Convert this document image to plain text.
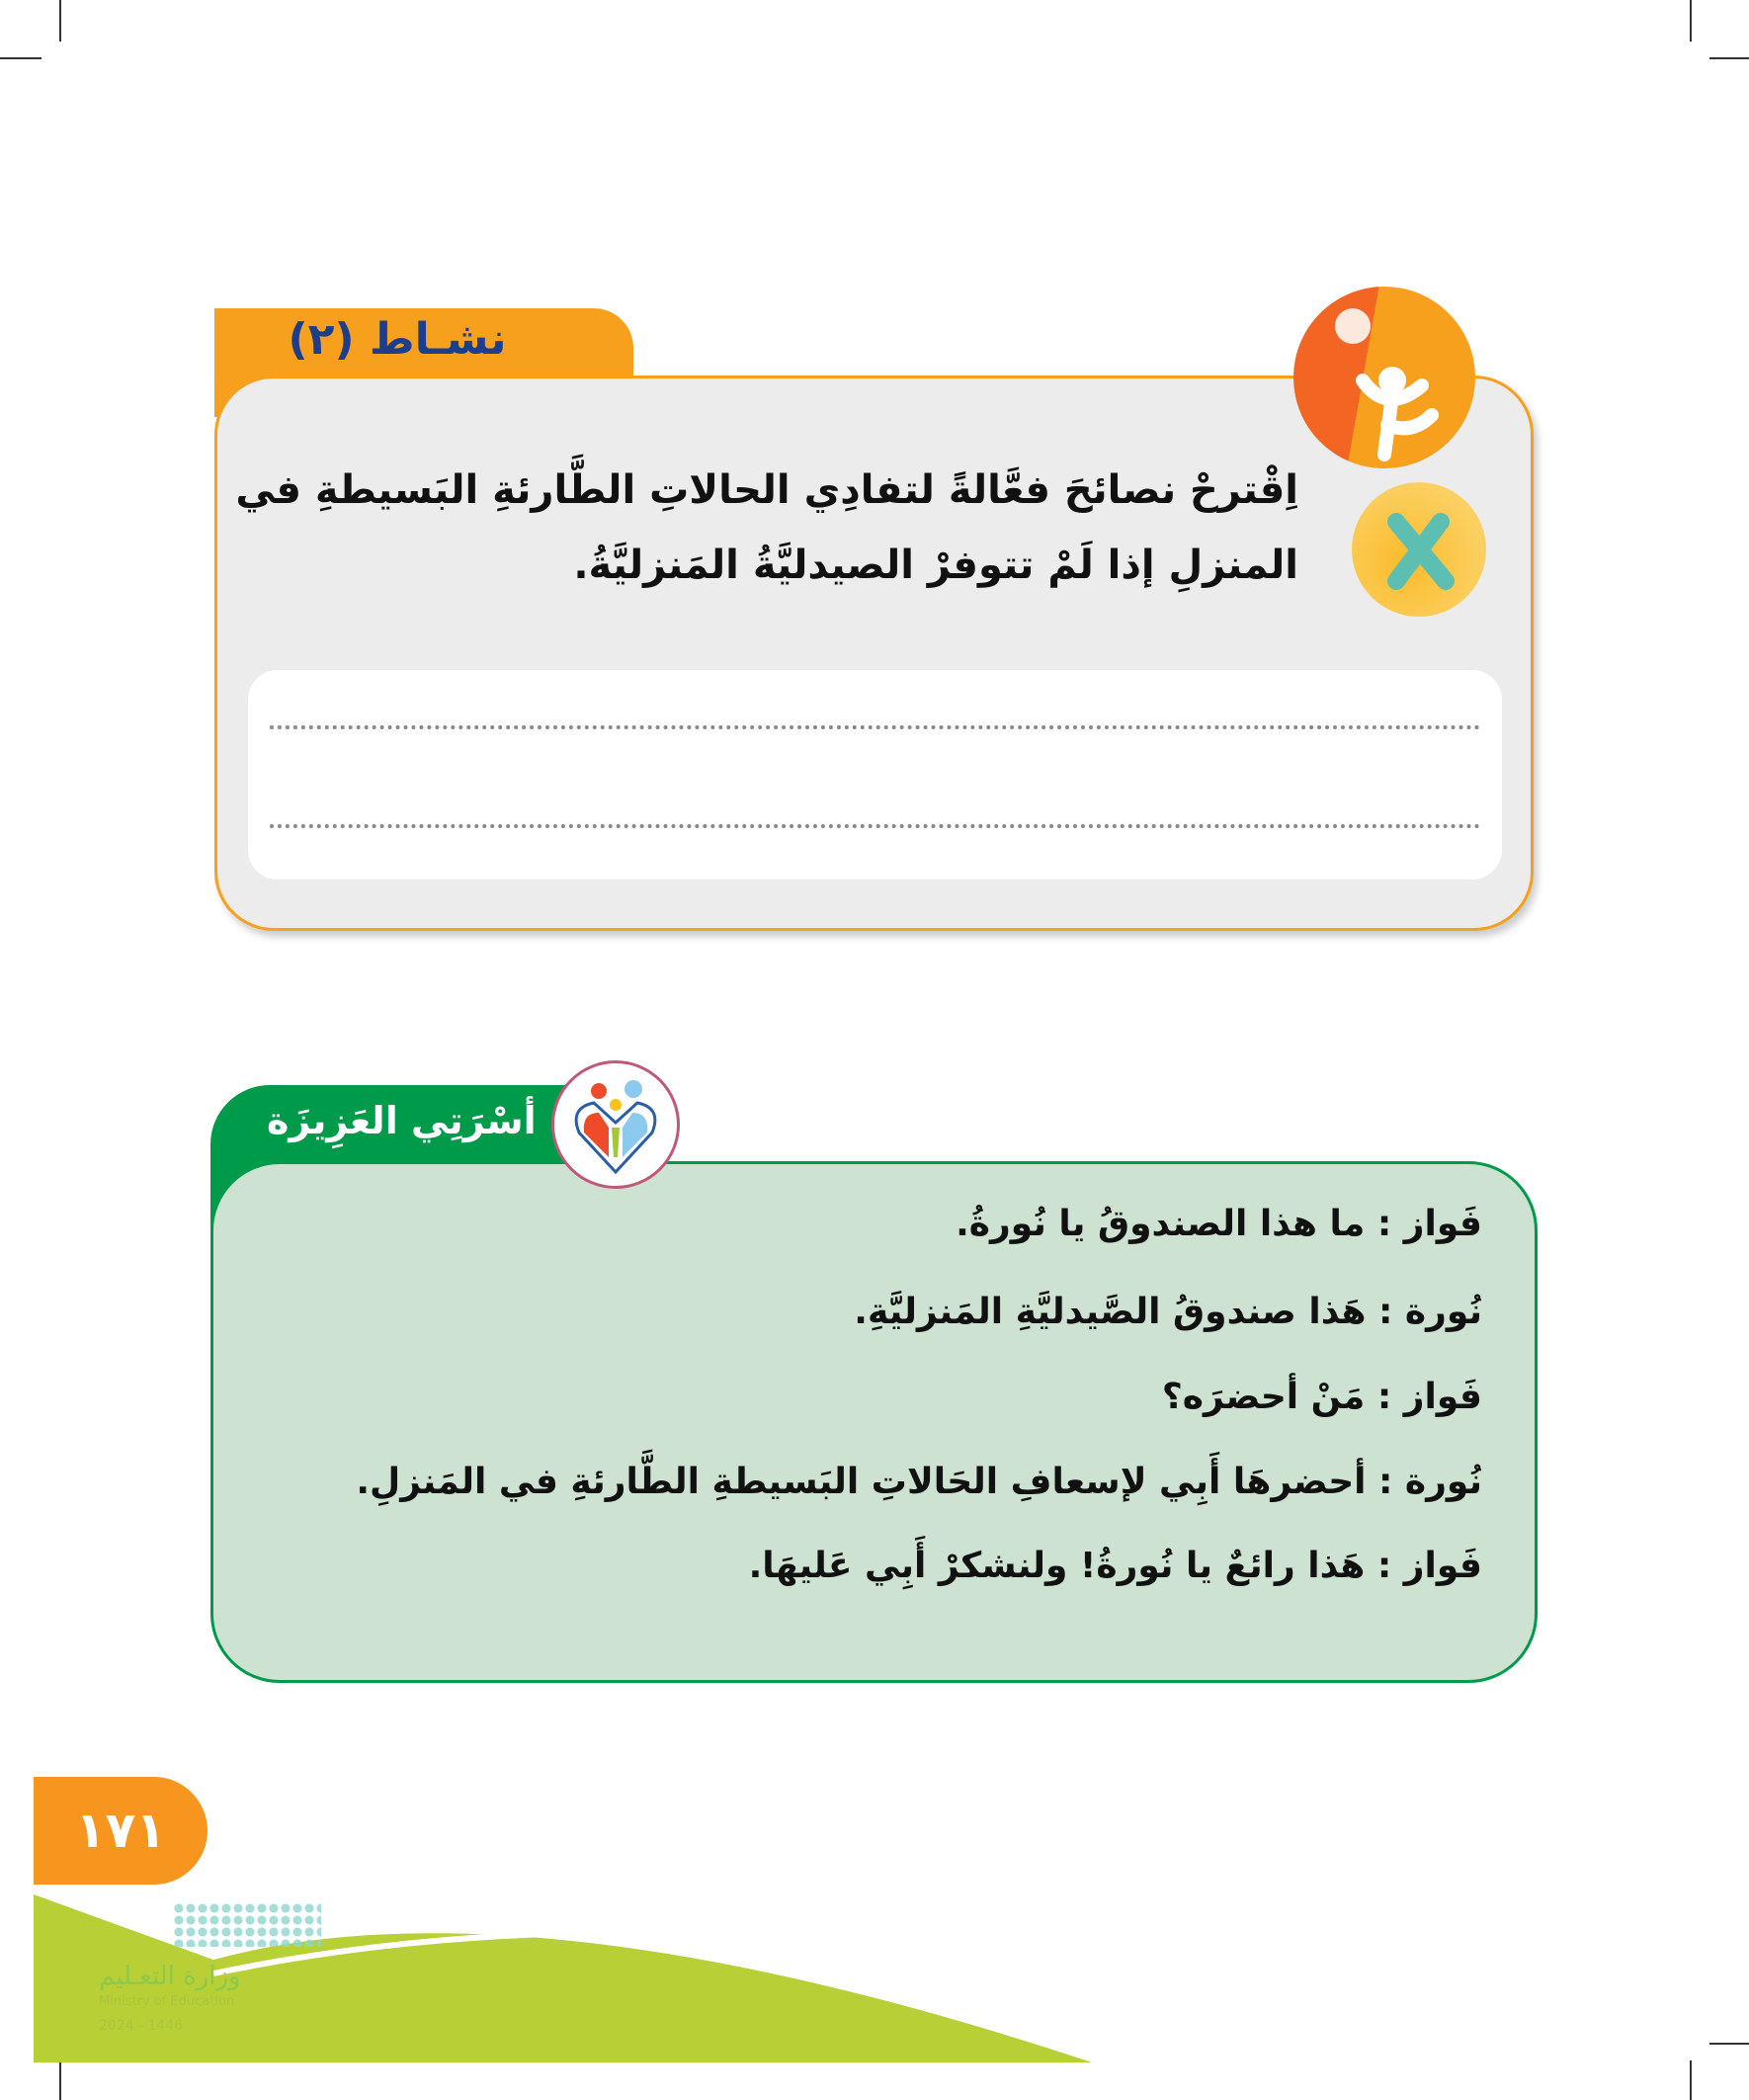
نشـاط (٢)
اِقْترحْ نصائحَ فعَّالةً لتفادِي الحالاتِ الطَّارئةِ البَسيطةِ في
المنزلِ إذا لَمْ تتوفرْ الصيدليَّةُ المَنزليَّةُ.
أسْرَتِي العَزِيزَة
فَواز : ما هذا الصندوقُ يا نُورةُ.
نُورة : هَذا صندوقُ الصَّيدليَّةِ المَنزليَّةِ.
فَواز : مَنْ أحضرَه؟
نُورة : أحضرهَا أَبِي لإسعافِ الحَالاتِ البَسيطةِ الطَّارئةِ في المَنزلِ.
فَواز : هَذا رائعٌ يا نُورةُ! ولنشكرْ أَبِي عَليهَا.
١٧١
وزارة التعـليم
Ministry of Education
2024 - 1446
